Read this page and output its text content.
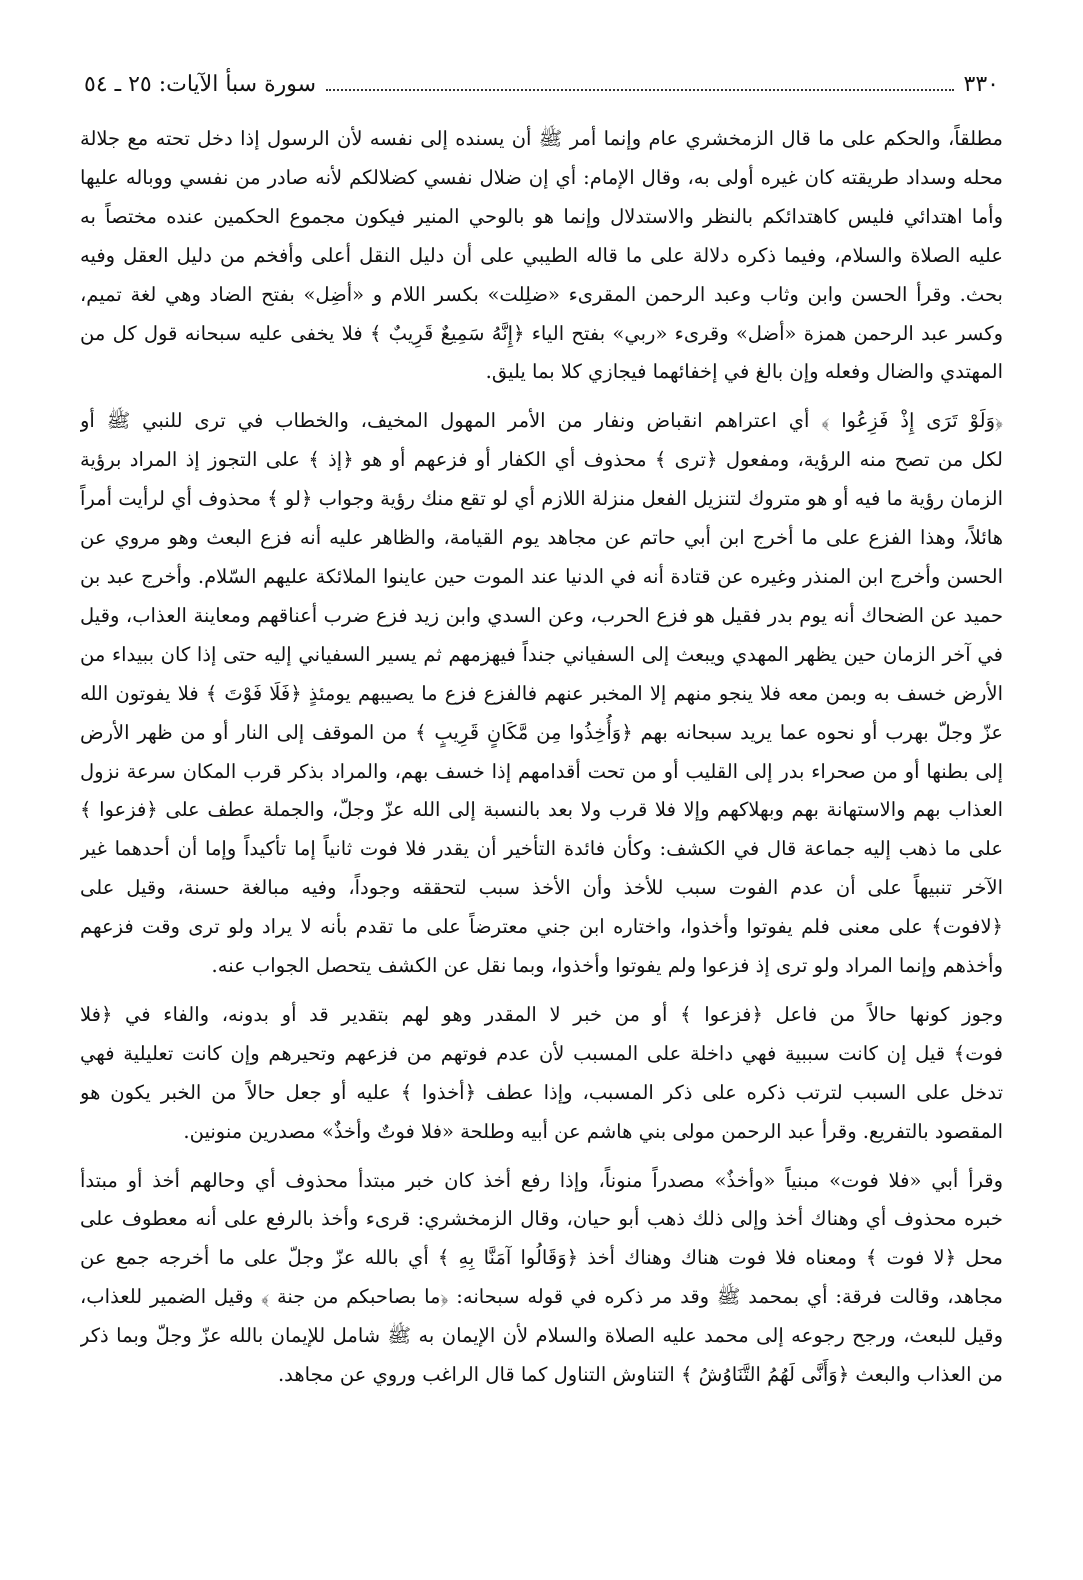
٣٣٠
سورة سبأ الآيات: ٢٥ ـ ٥٤

مطلقاً، والحكم على ما قال الزمخشري عام وإنما أمر ﷺ أن يسنده إلى نفسه لأن الرسول إذا دخل تحته مع جلالة
محله وسداد طريقته كان غيره أولى به، وقال الإمام: أي إن ضلال نفسي كضلالكم لأنه صادر من نفسي ووباله عليها
وأما اهتدائي فليس كاهتدائكم بالنظر والاستدلال وإنما هو بالوحي المنير فيكون مجموع الحكمين عنده مختصاً به
عليه الصلاة والسلام، وفيما ذكره دلالة على ما قاله الطيبي على أن دليل النقل أعلى وأفخم من دليل العقل وفيه
بحث. وقرأ الحسن وابن وثاب وعبد الرحمن المقرىء «ضلِلت» بكسر اللام و «أضِل» بفتح الضاد وهي لغة تميم،
وكسر عبد الرحمن همزة «أضل» وقرىء «ربي» بفتح الياء ﴿إِنَّهُ سَمِيعٌ قَرِيبٌ ﴾ فلا يخفى عليه سبحانه قول كل من
المهتدي والضال وفعله وإن بالغ في إخفائهما فيجازي كلا بما يليق.

﴿وَلَوْ تَرَى إِذْ فَزِعُوا ﴾ أي اعتراهم انقباض ونفار من الأمر المهول المخيف، والخطاب في ترى للنبي ﷺ أو
لكل من تصح منه الرؤية، ومفعول ﴿ترى ﴾ محذوف أي الكفار أو فزعهم أو هو ﴿إذ ﴾ على التجوز إذ المراد برؤية
الزمان رؤية ما فيه أو هو متروك لتنزيل الفعل منزلة اللازم أي لو تقع منك رؤية وجواب ﴿لو ﴾ محذوف أي لرأيت أمراً
هائلاً، وهذا الفزع على ما أخرج ابن أبي حاتم عن مجاهد يوم القيامة، والظاهر عليه أنه فزع البعث وهو مروي عن
الحسن وأخرج ابن المنذر وغيره عن قتادة أنه في الدنيا عند الموت حين عاينوا الملائكة عليهم السّلام. وأخرج عبد بن
حميد عن الضحاك أنه يوم بدر فقيل هو فزع الحرب، وعن السدي وابن زيد فزع ضرب أعناقهم ومعاينة العذاب، وقيل
في آخر الزمان حين يظهر المهدي ويبعث إلى السفياني جنداً فيهزمهم ثم يسير السفياني إليه حتى إذا كان ببيداء من
الأرض خسف به وبمن معه فلا ينجو منهم إلا المخبر عنهم فالفزع فزع ما يصيبهم يومئذٍ ﴿فَلَا فَوْتَ ﴾ فلا يفوتون الله
عزّ وجلّ بهرب أو نحوه عما يريد سبحانه بهم ﴿وَأُخِذُوا مِن مَّكَانٍ قَرِيبٍ ﴾ من الموقف إلى النار أو من ظهر الأرض
إلى بطنها أو من صحراء بدر إلى القليب أو من تحت أقدامهم إذا خسف بهم، والمراد بذكر قرب المكان سرعة نزول
العذاب بهم والاستهانة بهم وبهلاكهم وإلا فلا قرب ولا بعد بالنسبة إلى الله عزّ وجلّ، والجملة عطف على ﴿فزعوا ﴾
على ما ذهب إليه جماعة قال في الكشف: وكأن فائدة التأخير أن يقدر فلا فوت ثانياً إما تأكيداً وإما أن أحدهما غير
الآخر تنبيهاً على أن عدم الفوت سبب للأخذ وأن الأخذ سبب لتحققه وجوداً، وفيه مبالغة حسنة، وقيل على
﴿لافوت﴾ على معنى فلم يفوتوا وأخذوا، واختاره ابن جني معترضاً على ما تقدم بأنه لا يراد ولو ترى وقت فزعهم
وأخذهم وإنما المراد ولو ترى إذ فزعوا ولم يفوتوا وأخذوا، وبما نقل عن الكشف يتحصل الجواب عنه.

وجوز كونها حالاً من فاعل ﴿فزعوا ﴾ أو من خبر لا المقدر وهو لهم بتقدير قد أو بدونه، والفاء في ﴿فلا
فوت﴾ قيل إن كانت سببية فهي داخلة على المسبب لأن عدم فوتهم من فزعهم وتحيرهم وإن كانت تعليلية فهي
تدخل على السبب لترتب ذكره على ذكر المسبب، وإذا عطف ﴿أخذوا ﴾ عليه أو جعل حالاً من الخبر يكون هو
المقصود بالتفريع. وقرأ عبد الرحمن مولى بني هاشم عن أبيه وطلحة «فلا فوتٌ وأخذٌ» مصدرين منونين.

وقرأ أبي «فلا فوت» مبنياً «وأخذٌ» مصدراً منوناً، وإذا رفع أخذ كان خبر مبتدأ محذوف أي وحالهم أخذ أو مبتدأ
خبره محذوف أي وهناك أخذ وإلى ذلك ذهب أبو حيان، وقال الزمخشري: قرىء وأخذ بالرفع على أنه معطوف على
محل ﴿لا فوت ﴾ ومعناه فلا فوت هناك وهناك أخذ ﴿وَقَالُوا آمَنَّا بِهِ ﴾ أي بالله عزّ وجلّ على ما أخرجه جمع عن
مجاهد، وقالت فرقة: أي بمحمد ﷺ وقد مر ذكره في قوله سبحانه: ﴿ما بصاحبكم من جنة ﴾ وقيل الضمير للعذاب،
وقيل للبعث، ورجح رجوعه إلى محمد عليه الصلاة والسلام لأن الإيمان به ﷺ شامل للإيمان بالله عزّ وجلّ وبما ذكر
من العذاب والبعث ﴿وَأَنَّى لَهُمُ التَّنَاوُشُ ﴾ التناوش التناول كما قال الراغب وروي عن مجاهد.
